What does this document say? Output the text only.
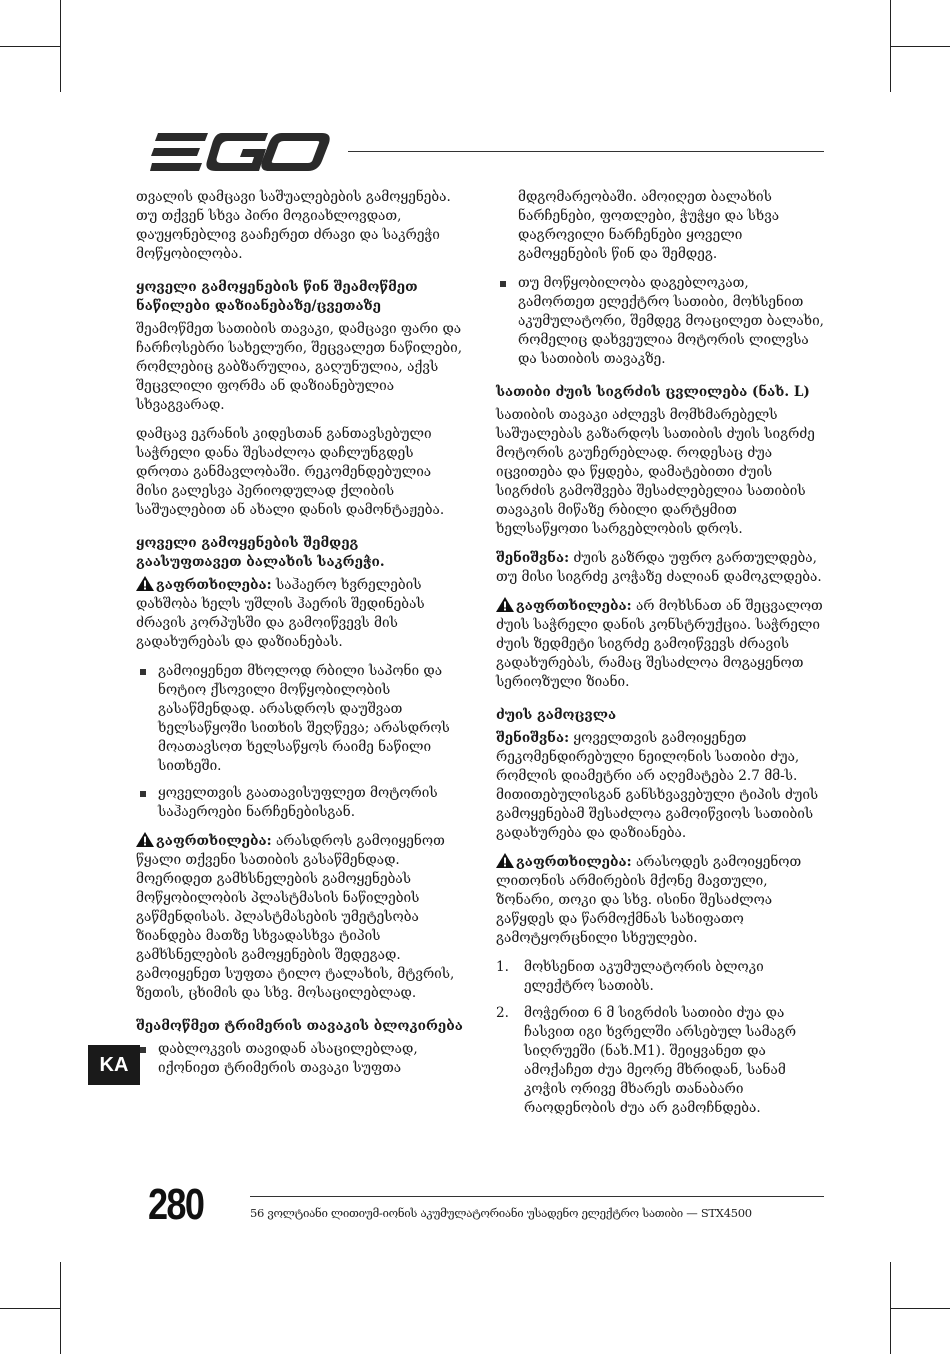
თვალის დამცავი საშუალებების გამოყენება. თუ თქვენ სხვა პირი მოგიახლოვდათ, დაუყონებლივ გააჩერეთ ძრავი და საკრეჭი მოწყობილობა.

ყოველი გამოყენების წინ შეამოწმეთ ნაწილები დაზიანებაზე/ცვეთაზე

შეამოწმეთ სათიბის თავაკი, დამცავი ფარი და ჩარჩოსებრი სახელური, შეცვალეთ ნაწილები, რომლებიც გაბზარულია, გაღუნულია, აქვს შეცვლილი ფორმა ან დაზიანებულია სხვაგვარად.

დამცავ ეკრანის კიდესთან განთავსებული საჭრელი დანა შესაძლოა დაჩლუნგდეს დროთა განმავლობაში. რეკომენდებულია მისი გალესვა პერიოდულად ქლიბის საშუალებით ან ახალი დანის დამონტაჟება.

ყოველი გამოყენების შემდეგ გაასუფთავეთ ბალახის საკრეჭი.

გაფრთხილება: საჰაერო ხვრელების დახშობა ხელს უშლის ჰაერის შედინებას ძრავის კორპუსში და გამოიწვევს მის გადახურებას და დაზიანებას.

გამოიყენეთ მხოლოდ რბილი საპონი და ნოტიო ქსოვილი მოწყობილობის გასაწმენდად. არასდროს დაუშვათ ხელსაწყოში სითხის შეღწევა; არასდროს მოათავსოთ ხელსაწყოს რაიმე ნაწილი სითხეში.
ყოველთვის გაათავისუფლეთ მოტორის საჰაეროები ნარჩენებისგან.

გაფრთხილება: არასდროს გამოიყენოთ წყალი თქვენი სათიბის გასაწმენდად. მოერიდეთ გამხსნელების გამოყენებას მოწყობილობის პლასტმასის ნაწილების გაწმენდისას. პლასტმასების უმეტესობა ზიანდება მათზე სხვადასხვა ტიპის გამხსნელების გამოყენების შედეგად. გამოიყენეთ სუფთა ტილო ტალახის, მტვრის, ზეთის, ცხიმის და სხვ. მოსაცილებლად.

შეამოწმეთ ტრიმერის თავაკის ბლოკირება
დაბლოკვის თავიდან ასაცილებლად, იქონიეთ ტრიმერის თავაკი სუფთა

მდგომარეობაში. ამოიღეთ ბალახის ნარჩენები, ფოთლები, ჭუჭყი და სხვა დაგროვილი ნარჩენები ყოველი გამოყენების წინ და შემდეგ.

თუ მოწყობილობა დაგებლოკათ, გამორთეთ ელექტრო სათიბი, მოხსენით აკუმულატორი, შემდეგ მოაცილეთ ბალახი, რომელიც დახვეულია მოტორის ლილვსა და სათიბის თავაკზე.
სათიბი ძუის სიგრძის ცვლილება (ნახ. L)

სათიბის თავაკი აძლევს მომხმარებელს საშუალებას გაზარდოს სათიბის ძუის სიგრძე მოტორის გაუჩერებლად. როდესაც ძუა იცვითება და წყდება, დამატებითი ძუის სიგრძის გამოშვება შესაძლებელია სათიბის თავაკის მიწაზე რბილი დარტყმით ხელსაწყოთი სარგებლობის დროს.

შენიშვნა: ძუის გაზრდა უფრო გართულდება, თუ მისი სიგრძე კოჭაზე ძალიან დამოკლდება.

გაფრთხილება: არ მოხსნათ ან შეცვალოთ ძუის საჭრელი დანის კონსტრუქცია. საჭრელი ძუის ზედმეტი სიგრძე გამოიწვევს ძრავის გადახურებას, რამაც შესაძლოა მოგაყენოთ სერიოზული ზიანი.

ძუის გამოცვლა

შენიშვნა: ყოველთვის გამოიყენეთ რეკომენდირებული ნეილონის სათიბი ძუა, რომლის დიამეტრი არ აღემატება 2.7 მმ-ს. მითითებულისგან განსხვავებული ტიპის ძუის გამოყენებამ შესაძლოა გამოიწვიოს სათიბის გადახურება და დაზიანება.

გაფრთხილება: არასოდეს გამოიყენოთ ლითონის არმირების მქონე მავთული, ზონარი, თოკი და სხვ. ისინი შესაძლოა გაწყდეს და წარმოქმნას სახიფათო გამოტყორცნილი სხეულები.

1. მოხსენით აკუმულატორის ბლოკი ელექტრო სათიბს.
2. მოჭერით 6 მ სიგრძის სათიბი ძუა და ჩასვით იგი ხვრელში არსებულ სამაგრ სიღრუეში (ნახ.M1). შეიყვანეთ და ამოქაჩეთ ძუა მეორე მხრიდან, სანამ კოჭის ორივე მხარეს თანაბარი რაოდენობის ძუა არ გამოჩნდება.
KA
280	56 ვოლტიანი ლითიუმ-იონის აკუმულატორიანი უსადენო ელექტრო სათიბი — STX4500
